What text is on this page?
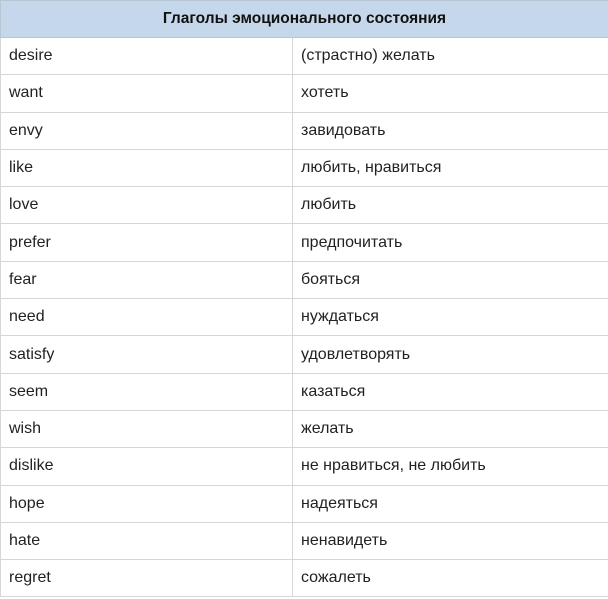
Глаголы эмоционального состояния	
desire	(страстно) желать
want	хотеть
envy	завидовать
like	любить, нравиться
love	любить
prefer	предпочитать
fear	бояться
need	нуждаться
satisfy	удовлетворять
seem	казаться
wish	желать
dislike	не нравиться, не любить
hope	надеяться
hate	ненавидеть
regret	сожалеть
